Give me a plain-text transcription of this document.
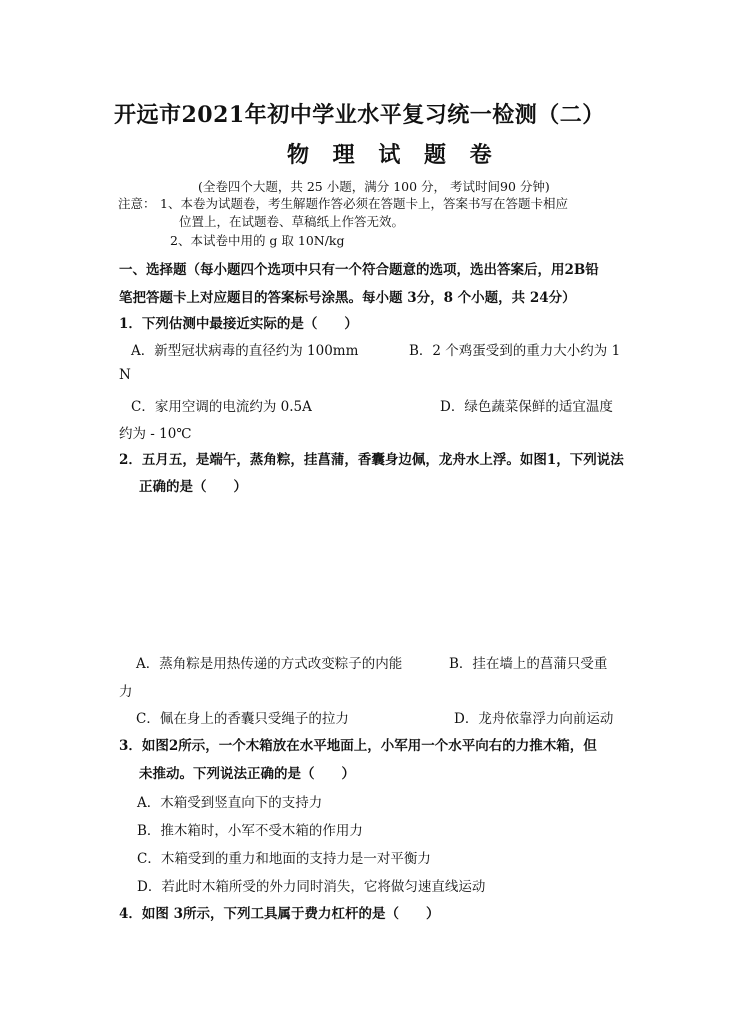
开远市2021年初中学业水平复习统一检测（二）
物 理 试 题 卷
(全卷四个大题，共 25 小题，满分 100 分， 考试时间90 分钟)
注意： 1、本卷为试题卷，考生解题作答必须在答题卡上，答案书写在答题卡相应
位置上，在试题卷、草稿纸上作答无效。
2、本试卷中用的 g 取 10N/kg
一、选择题（每小题四个选项中只有一个符合题意的选项，选出答案后，用2B铅
笔把答题卡上对应题目的答案标号涂黑。每小题 3分，8 个小题，共 24分）
1．下列估测中最接近实际的是（　　）
A．新型冠状病毒的直径约为 100mm	B．2 个鸡蛋受到的重力大小约为 1
N
C．家用空调的电流约为 0.5A	D．绿色蔬菜保鲜的适宜温度
约为 - 10℃
2．五月五，是端午，蒸角粽，挂菖蒲，香囊身边佩，龙舟水上浮。如图1，下列说法
正确的是（　　）
A．蒸角粽是用热传递的方式改变粽子的内能	B．挂在墙上的菖蒲只受重
力
C．佩在身上的香囊只受绳子的拉力	D．龙舟依靠浮力向前运动
3．如图2所示，一个木箱放在水平地面上，小军用一个水平向右的力推木箱，但
未推动。下列说法正确的是（　　）
A．木箱受到竖直向下的支持力
B．推木箱时，小军不受木箱的作用力
C．木箱受到的重力和地面的支持力是一对平衡力
D．若此时木箱所受的外力同时消失，它将做匀速直线运动
4．如图 3所示，下列工具属于费力杠杆的是（　　）
